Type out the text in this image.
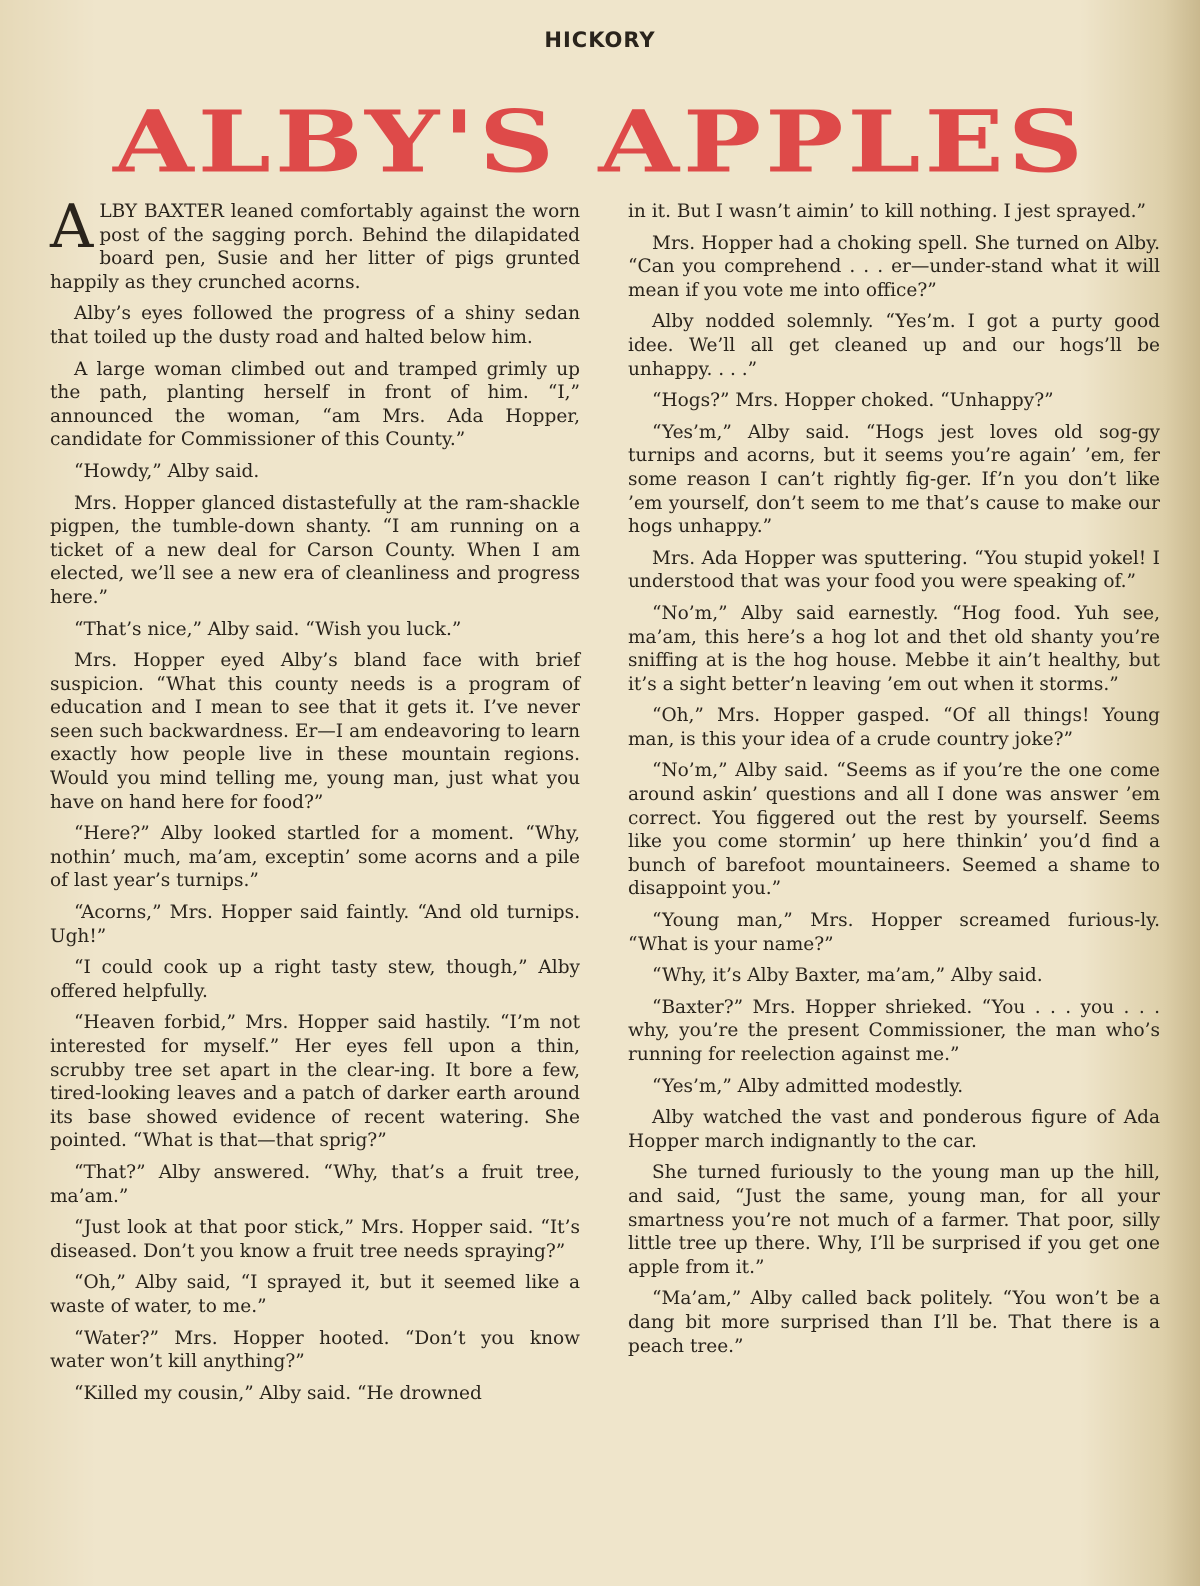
HICKORY
ALBY'S APPLES

ALBY BAXTER leaned comfortably against the worn post of the sagging porch. Behind the dilapidated board pen, Susie and her litter of pigs grunted happily as they crunched acorns.

Alby’s eyes followed the progress of a shiny sedan that toiled up the dusty road and halted below him.

A large woman climbed out and tramped grimly up the path, planting herself in front of him. “I,” announced the woman, “am Mrs. Ada Hopper, candidate for Commissioner of this County.”

“Howdy,” Alby said.

Mrs. Hopper glanced distastefully at the ram-shackle pigpen, the tumble-down shanty. “I am running on a ticket of a new deal for Carson County. When I am elected, we’ll see a new era of cleanliness and progress here.”

“That’s nice,” Alby said. “Wish you luck.”

Mrs. Hopper eyed Alby’s bland face with brief suspicion. “What this county needs is a program of education and I mean to see that it gets it. I’ve never seen such backwardness. Er—I am endeavoring to learn exactly how people live in these mountain regions. Would you mind telling me, young man, just what you have on hand here for food?”

“Here?” Alby looked startled for a moment. “Why, nothin’ much, ma’am, exceptin’ some acorns and a pile of last year’s turnips.”

“Acorns,” Mrs. Hopper said faintly. “And old turnips. Ugh!”

“I could cook up a right tasty stew, though,” Alby offered helpfully.

“Heaven forbid,” Mrs. Hopper said hastily. “I’m not interested for myself.” Her eyes fell upon a thin, scrubby tree set apart in the clear-ing. It bore a few, tired-looking leaves and a patch of darker earth around its base showed evidence of recent watering. She pointed. “What is that—that sprig?”

“That?” Alby answered. “Why, that’s a fruit tree, ma’am.”

“Just look at that poor stick,” Mrs. Hopper said. “It’s diseased. Don’t you know a fruit tree needs spraying?”

“Oh,” Alby said, “I sprayed it, but it seemed like a waste of water, to me.”

“Water?” Mrs. Hopper hooted. “Don’t you know water won’t kill anything?”

“Killed my cousin,” Alby said. “He drowned

in it. But I wasn’t aimin’ to kill nothing. I jest sprayed.”

Mrs. Hopper had a choking spell. She turned on Alby. “Can you comprehend . . . er—under-stand what it will mean if you vote me into office?”

Alby nodded solemnly. “Yes’m. I got a purty good idee. We’ll all get cleaned up and our hogs’ll be unhappy. . . .”

“Hogs?” Mrs. Hopper choked. “Unhappy?”

“Yes’m,” Alby said. “Hogs jest loves old sog-gy turnips and acorns, but it seems you’re again’ ’em, fer some reason I can’t rightly fig-ger. If’n you don’t like ’em yourself, don’t seem to me that’s cause to make our hogs unhappy.”

Mrs. Ada Hopper was sputtering. “You stupid yokel! I understood that was your food you were speaking of.”

“No’m,” Alby said earnestly. “Hog food. Yuh see, ma’am, this here’s a hog lot and thet old shanty you’re sniffing at is the hog house. Mebbe it ain’t healthy, but it’s a sight better’n leaving ’em out when it storms.”

“Oh,” Mrs. Hopper gasped. “Of all things! Young man, is this your idea of a crude country joke?”

“No’m,” Alby said. “Seems as if you’re the one come around askin’ questions and all I done was answer ’em correct. You figgered out the rest by yourself. Seems like you come stormin’ up here thinkin’ you’d find a bunch of barefoot mountaineers. Seemed a shame to disappoint you.”

“Young man,” Mrs. Hopper screamed furious-ly. “What is your name?”

“Why, it’s Alby Baxter, ma’am,” Alby said.

“Baxter?” Mrs. Hopper shrieked. “You . . . you . . . why, you’re the present Commissioner, the man who’s running for reelection against me.”

“Yes’m,” Alby admitted modestly.

Alby watched the vast and ponderous figure of Ada Hopper march indignantly to the car.

She turned furiously to the young man up the hill, and said, “Just the same, young man, for all your smartness you’re not much of a farmer. That poor, silly little tree up there. Why, I’ll be surprised if you get one apple from it.”

“Ma’am,” Alby called back politely. “You won’t be a dang bit more surprised than I’ll be. That there is a peach tree.”
